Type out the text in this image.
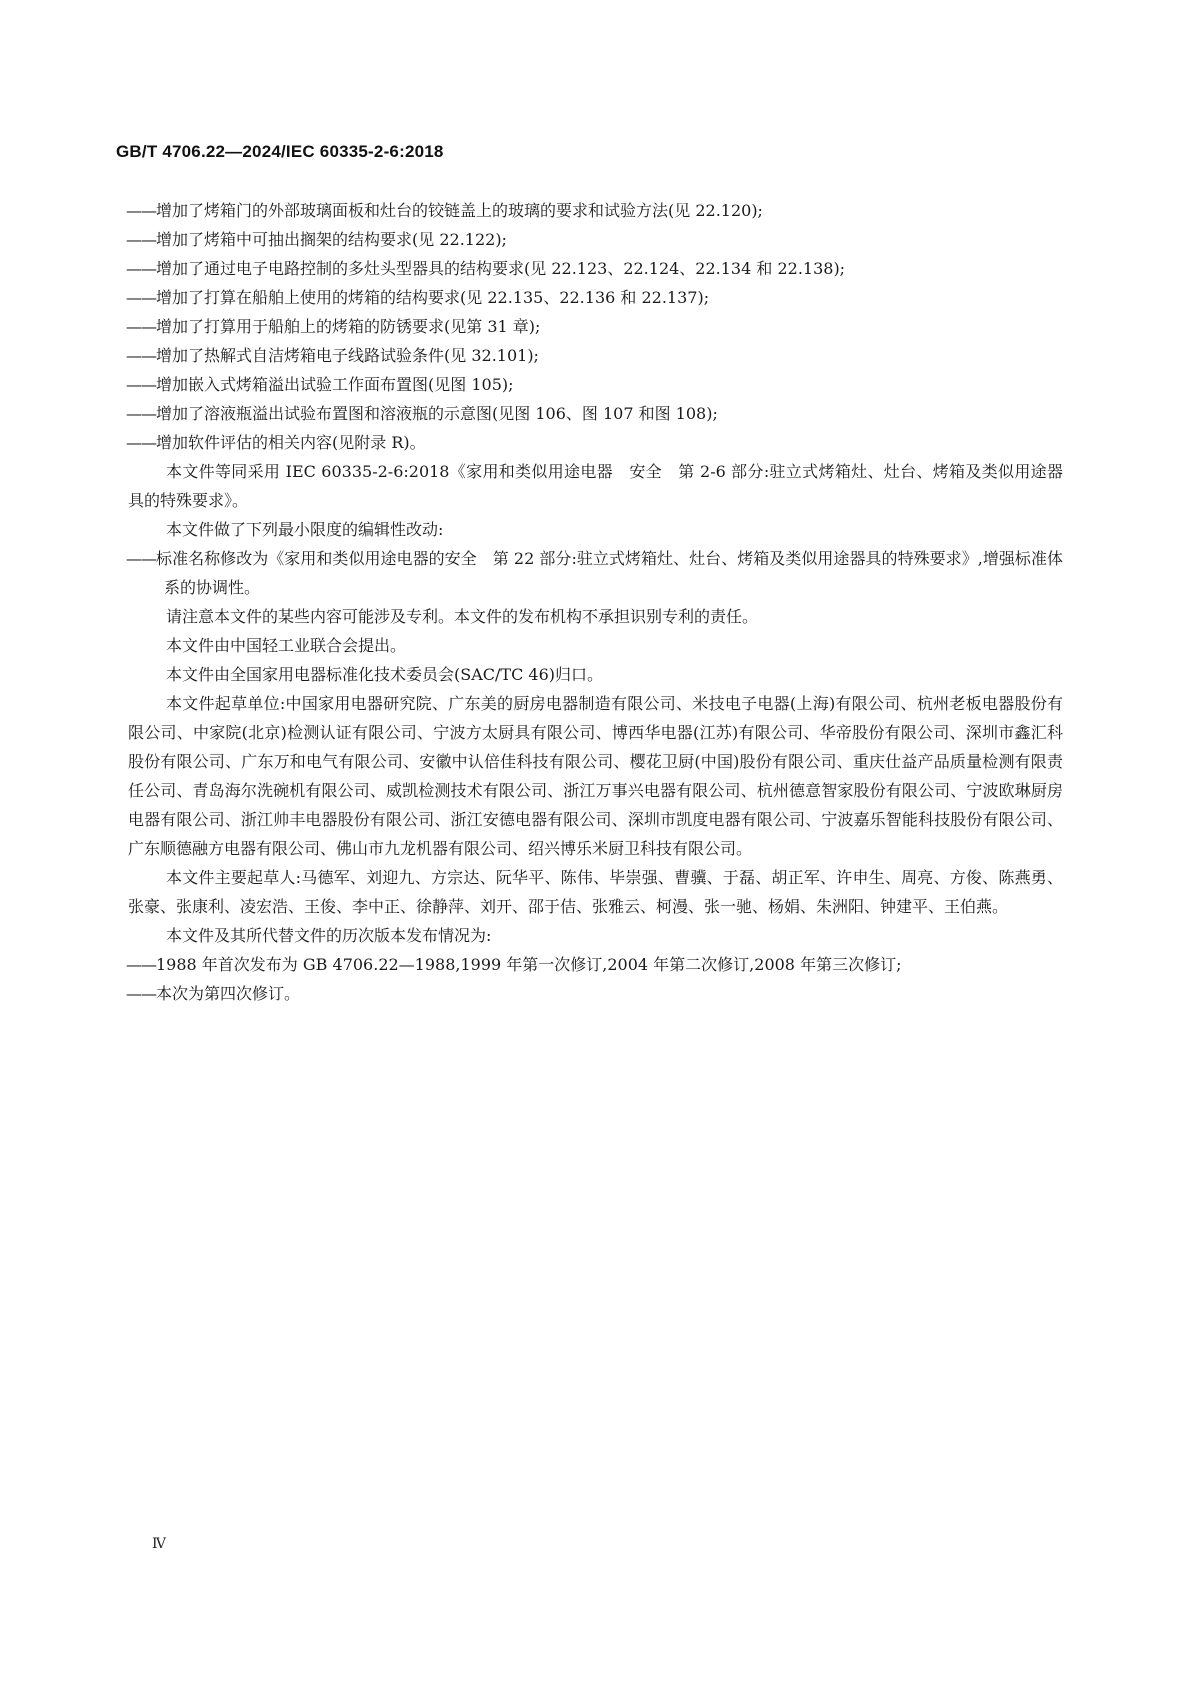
GB/T 4706.22—2024/IEC 60335-2-6:2018
——增加了烤箱门的外部玻璃面板和灶台的铰链盖上的玻璃的要求和试验方法(见 22.120);
——增加了烤箱中可抽出搁架的结构要求(见 22.122);
——增加了通过电子电路控制的多灶头型器具的结构要求(见 22.123、22.124、22.134 和 22.138);
——增加了打算在船舶上使用的烤箱的结构要求(见 22.135、22.136 和 22.137);
——增加了打算用于船舶上的烤箱的防锈要求(见第 31 章);
——增加了热解式自洁烤箱电子线路试验条件(见 32.101);
——增加嵌入式烤箱溢出试验工作面布置图(见图 105);
——增加了溶液瓶溢出试验布置图和溶液瓶的示意图(见图 106、图 107 和图 108);
——增加软件评估的相关内容(见附录 R)。
本文件等同采用 IEC 60335-2-6:2018《家用和类似用途电器　安全　第 2-6 部分:驻立式烤箱灶、灶台、烤箱及类似用途器具的特殊要求》。
本文件做了下列最小限度的编辑性改动:
——标准名称修改为《家用和类似用途电器的安全　第 22 部分:驻立式烤箱灶、灶台、烤箱及类似用途器具的特殊要求》,增强标准体系的协调性。
请注意本文件的某些内容可能涉及专利。本文件的发布机构不承担识别专利的责任。
本文件由中国轻工业联合会提出。
本文件由全国家用电器标准化技术委员会(SAC/TC 46)归口。
本文件起草单位:中国家用电器研究院、广东美的厨房电器制造有限公司、米技电子电器(上海)有限公司、杭州老板电器股份有限公司、中家院(北京)检测认证有限公司、宁波方太厨具有限公司、博西华电器(江苏)有限公司、华帝股份有限公司、深圳市鑫汇科股份有限公司、广东万和电气有限公司、安徽中认倍佳科技有限公司、樱花卫厨(中国)股份有限公司、重庆仕益产品质量检测有限责任公司、青岛海尔洗碗机有限公司、威凯检测技术有限公司、浙江万事兴电器有限公司、杭州德意智家股份有限公司、宁波欧琳厨房电器有限公司、浙江帅丰电器股份有限公司、浙江安德电器有限公司、深圳市凯度电器有限公司、宁波嘉乐智能科技股份有限公司、广东顺德融方电器有限公司、佛山市九龙机器有限公司、绍兴博乐米厨卫科技有限公司。
本文件主要起草人:马德军、刘迎九、方宗达、阮华平、陈伟、毕崇强、曹骥、于磊、胡正军、许申生、周亮、方俊、陈燕勇、张豪、张康利、凌宏浩、王俊、李中正、徐静萍、刘开、邵于佶、张雅云、柯漫、张一驰、杨娟、朱洲阳、钟建平、王伯燕。
本文件及其所代替文件的历次版本发布情况为:
——1988 年首次发布为 GB 4706.22—1988,1999 年第一次修订,2004 年第二次修订,2008 年第三次修订;
——本次为第四次修订。
Ⅳ
